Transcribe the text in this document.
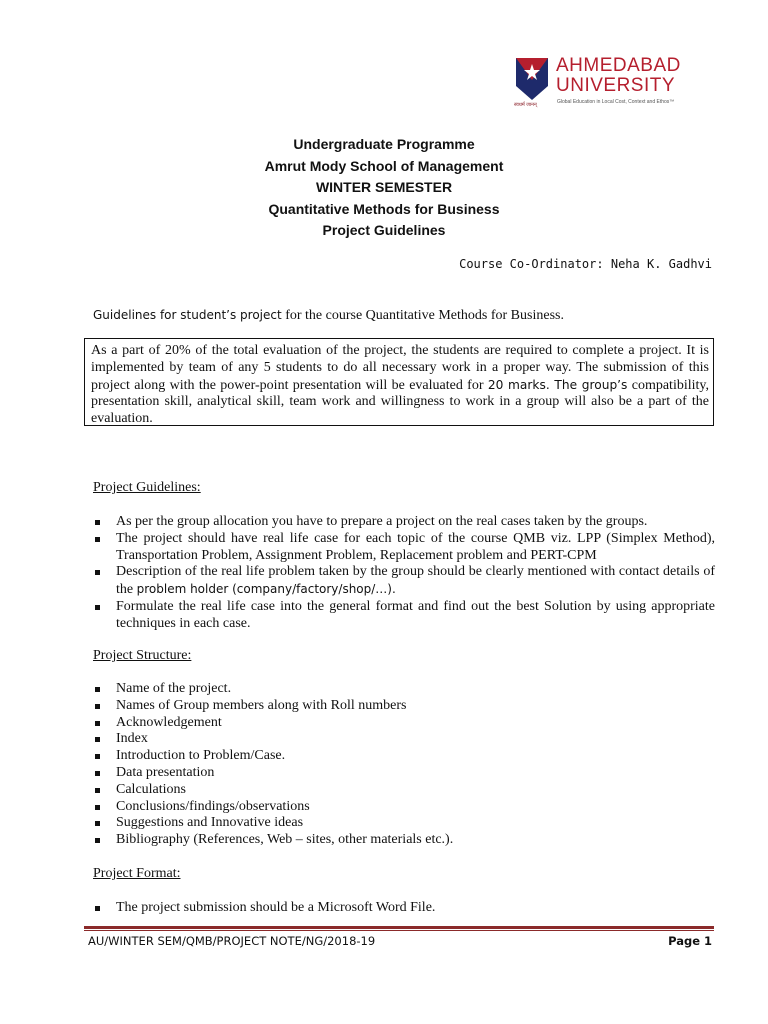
AHMEDABAD
UNIVERSITY
Global Education in Local Cost, Context and Ethos™
स्वधर्मं जानन्
Undergraduate Programme
Amrut Mody School of Management
WINTER SEMESTER
Quantitative Methods for Business
Project Guidelines
Course Co-Ordinator: Neha K. Gadhvi
Guidelines for student’s project for the course Quantitative Methods for Business.
As a part of 20% of the total evaluation of the project, the students are required to complete a project. It is implemented by team of any 5 students to do all necessary work in a proper way. The submission of this project along with the power-point presentation will be evaluated for 20 marks. The group’s compatibility, presentation skill, analytical skill, team work and willingness to work in a group will also be a part of the evaluation.
Project Guidelines:
As per the group allocation you have to prepare a project on the real cases taken by the groups.
The project should have real life case for each topic of the course QMB viz. LPP (Simplex Method), Transportation Problem, Assignment Problem, Replacement problem and PERT-CPM
Description of the real life problem taken by the group should be clearly mentioned with contact details of the problem holder (company/factory/shop/…).
Formulate the real life case into the general format and find out the best Solution by using appropriate techniques in each case.
Project Structure:
Name of the project.
Names of Group members along with Roll numbers
Acknowledgement
Index
Introduction to Problem/Case.
Data presentation
Calculations
Conclusions/findings/observations
Suggestions and Innovative ideas
Bibliography (References, Web – sites, other materials etc.).
Project Format:
The project submission should be a Microsoft Word File.
AU/WINTER SEM/QMB/PROJECT NOTE/NG/2018-19	Page 1
